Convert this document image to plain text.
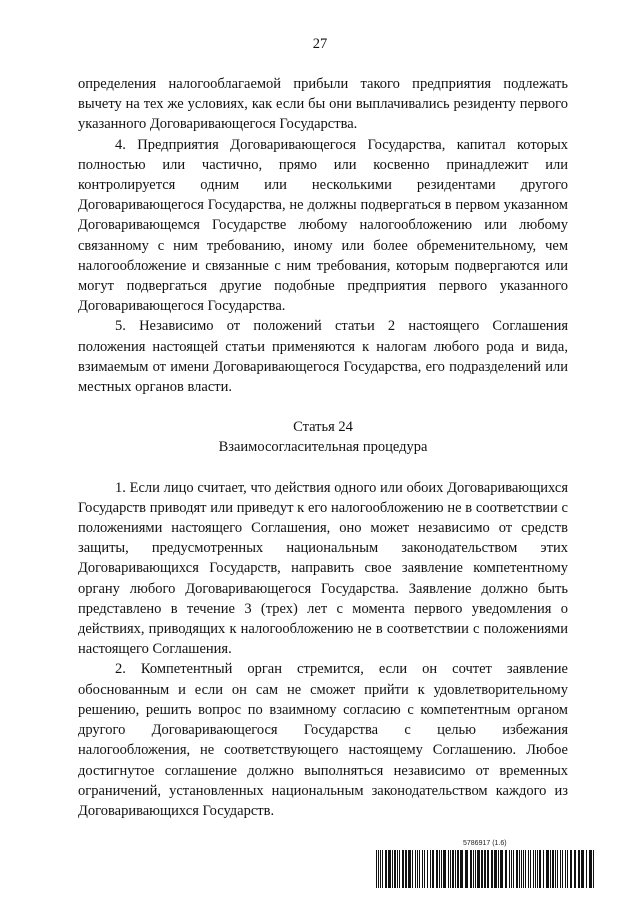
27

определения налогооблагаемой прибыли такого предприятия подлежать вычету на тех же условиях, как если бы они выплачивались резиденту первого указанного Договаривающегося Государства.

4. Предприятия Договаривающегося Государства, капитал которых полностью или частично, прямо или косвенно принадлежит или контролируется одним или несколькими резидентами другого Договаривающегося Государства, не должны подвергаться в первом указанном Договаривающемся Государстве любому налогообложению или любому связанному с ним требованию, иному или более обременительному, чем налогообложение и связанные с ним требования, которым подвергаются или могут подвергаться другие подобные предприятия первого указанного Договаривающегося Государства.

5. Независимо от положений статьи 2 настоящего Соглашения положения настоящей статьи применяются к налогам любого рода и вида, взимаемым от имени Договаривающегося Государства, его подразделений или местных органов власти.

Статья 24

Взаимосогласительная процедура

1. Если лицо считает, что действия одного или обоих Договаривающихся Государств приводят или приведут к его налогообложению не в соответствии с положениями настоящего Соглашения, оно может независимо от средств защиты, предусмотренных национальным законодательством этих Договаривающихся Государств, направить свое заявление компетентному органу любого Договаривающегося Государства. Заявление должно быть представлено в течение 3 (трех) лет с момента первого уведомления о действиях, приводящих к налогообложению не в соответствии с положениями настоящего Соглашения.

2. Компетентный орган стремится, если он сочтет заявление обоснованным и если он сам не сможет прийти к удовлетворительному решению, решить вопрос по взаимному согласию с компетентным органом другого Договаривающегося Государства с целью избежания налогообложения, не соответствующего настоящему Соглашению. Любое достигнутое соглашение должно выполняться независимо от временных ограничений, установленных национальным законодательством каждого из Договаривающихся Государств.

5786917 (1.6)
